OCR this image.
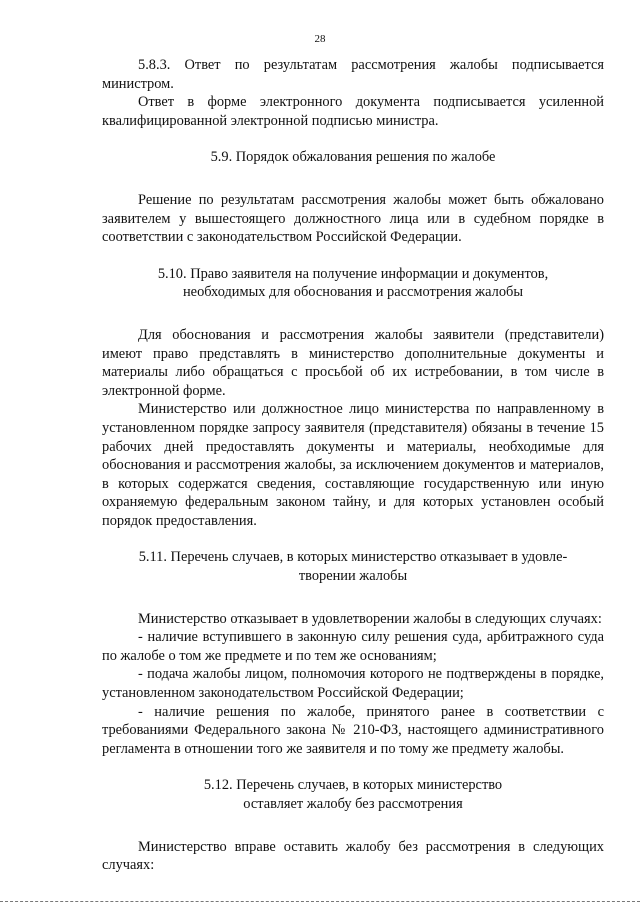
28

5.8.3. Ответ по результатам рассмотрения жалобы подписывается министром.

Ответ в форме электронного документа подписывается усиленной квалифицированной электронной подписью министра.

5.9. Порядок обжалования решения по жалобе

Решение по результатам рассмотрения жалобы может быть обжаловано заявителем у вышестоящего должностного лица или в судебном порядке в соответствии с законодательством Российской Федерации.

5.10. Право заявителя на получение информации и документов,
необходимых для обоснования и рассмотрения жалобы

Для обоснования и рассмотрения жалобы заявители (представители) имеют право представлять в министерство дополнительные документы и материалы либо обращаться с просьбой об их истребовании, в том числе в электронной форме.

Министерство или должностное лицо министерства по направленному в установленном порядке запросу заявителя (представителя) обязаны в течение 15 рабочих дней предоставлять документы и материалы, необходимые для обоснования и рассмотрения жалобы, за исключением документов и материалов, в которых содержатся сведения, составляющие государственную или иную охраняемую федеральным законом тайну, и для которых установлен особый порядок предоставления.

5.11. Перечень случаев, в которых министерство отказывает в удовле-
творении жалобы

Министерство отказывает в удовлетворении жалобы в следующих случаях:

- наличие вступившего в законную силу решения суда, арбитражного суда по жалобе о том же предмете и по тем же основаниям;

- подача жалобы лицом, полномочия которого не подтверждены в порядке, установленном законодательством Российской Федерации;

- наличие решения по жалобе, принятого ранее в соответствии с требованиями Федерального закона № 210-ФЗ, настоящего административного регламента в отношении того же заявителя и по тому же предмету жалобы.

5.12. Перечень случаев, в которых министерство
оставляет жалобу без рассмотрения

Министерство вправе оставить жалобу без рассмотрения в следующих случаях:
